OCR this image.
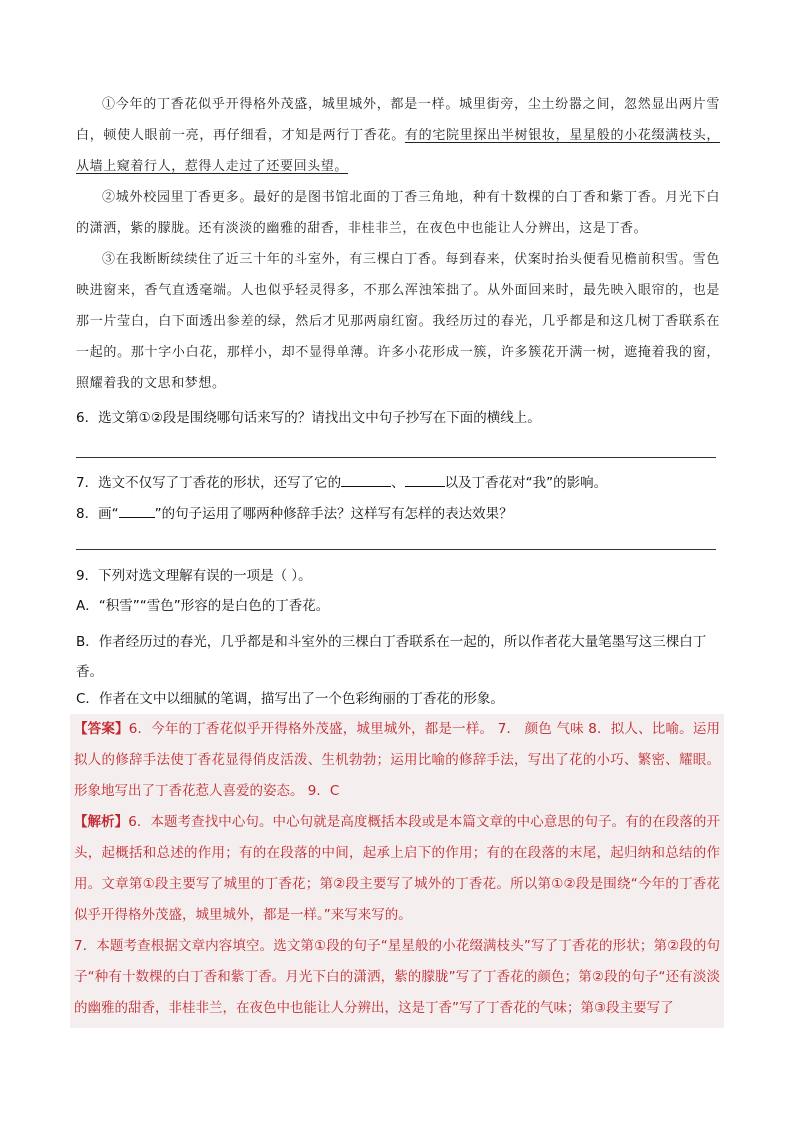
①今年的丁香花似乎开得格外茂盛，城里城外，都是一样。城里街旁，尘土纷嚣之间，忽然显出两片雪白，顿使人眼前一亮，再仔细看，才知是两行丁香花。有的宅院里探出半树银妆，星星般的小花缀满枝头，从墙上窥着行人，惹得人走过了还要回头望。

②城外校园里丁香更多。最好的是图书馆北面的丁香三角地，种有十数棵的白丁香和紫丁香。月光下白的潇洒，紫的朦胧。还有淡淡的幽雅的甜香，非桂非兰，在夜色中也能让人分辨出，这是丁香。

③在我断断续续住了近三十年的斗室外，有三棵白丁香。每到春来，伏案时抬头便看见檐前积雪。雪色映进窗来，香气直透毫端。人也似乎轻灵得多，不那么浑浊笨拙了。从外面回来时，最先映入眼帘的，也是那一片莹白，白下面透出参差的绿，然后才见那两扇红窗。我经历过的春光，几乎都是和这几树丁香联系在一起的。那十字小白花，那样小，却不显得单薄。许多小花形成一簇，许多簇花开满一树，遮掩着我的窗，照耀着我的文思和梦想。

6．选文第①②段是围绕哪句话来写的？请找出文中句子抄写在下面的横线上。
7．选文不仅写了丁香花的形状，还写了它的	、	以及丁香花对“我”的影响。
8．画“	”的句子运用了哪两种修辞手法？这样写有怎样的表达效果？
9．下列对选文理解有误的一项是（ ）。
A．“积雪”“雪色”形容的是白色的丁香花。
B．作者经历过的春光，几乎都是和斗室外的三棵白丁香联系在一起的，所以作者花大量笔墨写这三棵白丁香。
C．作者在文中以细腻的笔调，描写出了一个色彩绚丽的丁香花的形象。
【答案】6．今年的丁香花似乎开得格外茂盛，城里城外，都是一样。 7． 颜色 气味 8．拟人、比喻。运用拟人的修辞手法使丁香花显得俏皮活泼、生机勃勃；运用比喻的修辞手法，写出了花的小巧、繁密、耀眼。形象地写出了丁香花惹人喜爱的姿态。 9．C
【解析】6．本题考查找中心句。中心句就是高度概括本段或是本篇文章的中心意思的句子。有的在段落的开头，起概括和总述的作用；有的在段落的中间，起承上启下的作用；有的在段落的末尾，起归纳和总结的作用。文章第①段主要写了城里的丁香花；第②段主要写了城外的丁香花。所以第①②段是围绕“今年的丁香花似乎开得格外茂盛，城里城外，都是一样。”来写来写的。
7．本题考查根据文章内容填空。选文第①段的句子“星星般的小花缀满枝头”写了丁香花的形状；第②段的句子“种有十数棵的白丁香和紫丁香。月光下白的潇洒，紫的朦胧”写了丁香花的颜色；第②段的句子“还有淡淡的幽雅的甜香，非桂非兰，在夜色中也能让人分辨出，这是丁香”写了丁香花的气味；第③段主要写了
